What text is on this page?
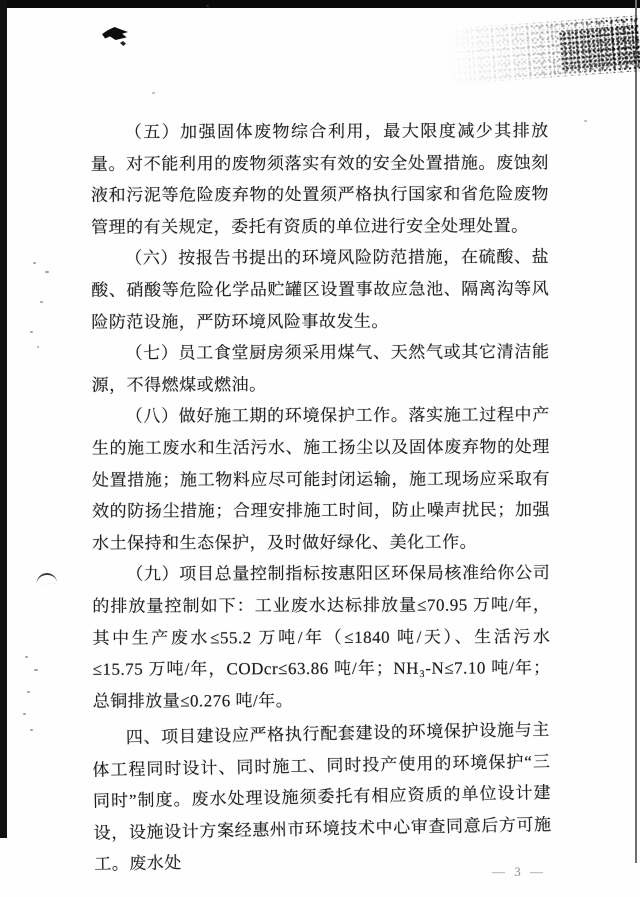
（五）加强固体废物综合利用，最大限度减少其排放量。对不能利用的废物须落实有效的安全处置措施。废蚀刻液和污泥等危险废弃物的处置须严格执行国家和省危险废物管理的有关规定，委托有资质的单位进行安全处理处置。

（六）按报告书提出的环境风险防范措施，在硫酸、盐酸、硝酸等危险化学品贮罐区设置事故应急池、隔离沟等风险防范设施，严防环境风险事故发生。

（七）员工食堂厨房须采用煤气、天然气或其它清洁能源，不得燃煤或燃油。

（八）做好施工期的环境保护工作。落实施工过程中产生的施工废水和生活污水、施工扬尘以及固体废弃物的处理处置措施；施工物料应尽可能封闭运输，施工现场应采取有效的防扬尘措施；合理安排施工时间，防止噪声扰民；加强水土保持和生态保护，及时做好绿化、美化工作。

（九）项目总量控制指标按惠阳区环保局核准给你公司的排放量控制如下：工业废水达标排放量≤70.95 万吨/年，其中生产废水≤55.2 万吨/年（≤1840 吨/天）、生活污水≤15.75 万吨/年，CODcr≤63.86 吨/年；NH₃-N≤7.10 吨/年；总铜排放量≤0.276 吨/年。

四、项目建设应严格执行配套建设的环境保护设施与主体工程同时设计、同时施工、同时投产使用的环境保护“三同时”制度。废水处理设施须委托有相应资质的单位设计建设，设施设计方案经惠州市环境技术中心审查同意后方可施工。废水处	— 3 —
